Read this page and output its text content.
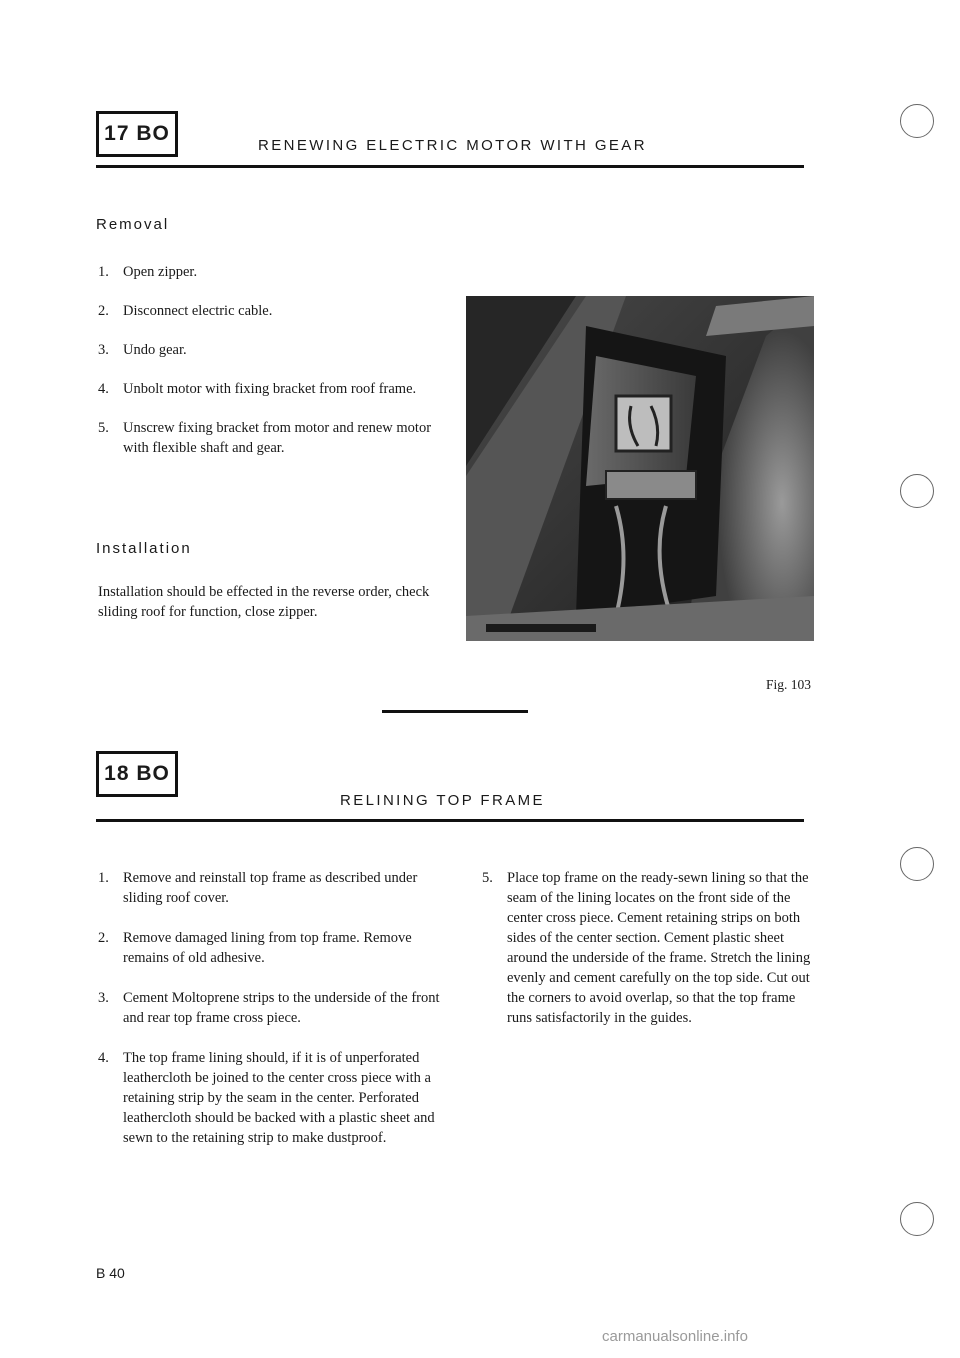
17 BO
RENEWING ELECTRIC MOTOR WITH GEAR
Removal
1. Open zipper.
2. Disconnect electric cable.
3. Undo gear.
4. Unbolt motor with fixing bracket from roof frame.
5. Unscrew fixing bracket from motor and renew motor with flexible shaft and gear.
Installation
Installation should be effected in the reverse order, check sliding roof for function, close zipper.
Fig. 103
18 BO
RELINING TOP FRAME
1. Remove and reinstall top frame as described under sliding roof cover.
2. Remove damaged lining from top frame. Remove remains of old adhesive.
3. Cement Moltoprene strips to the underside of the front and rear top frame cross piece.
4. The top frame lining should, if it is of unperforated leathercloth be joined to the center cross piece with a retaining strip by the seam in the center. Perforated leathercloth should be backed with a plastic sheet and sewn to the retaining strip to make dustproof.
5. Place top frame on the ready-sewn lining so that the seam of the lining locates on the front side of the center cross piece. Cement retaining strips on both sides of the center section. Cement plastic sheet around the underside of the frame. Stretch the lining evenly and cement carefully on the top side. Cut out the corners to avoid overlap, so that the top frame runs satisfactorily in the guides.
B 40
carmanualsonline.info
